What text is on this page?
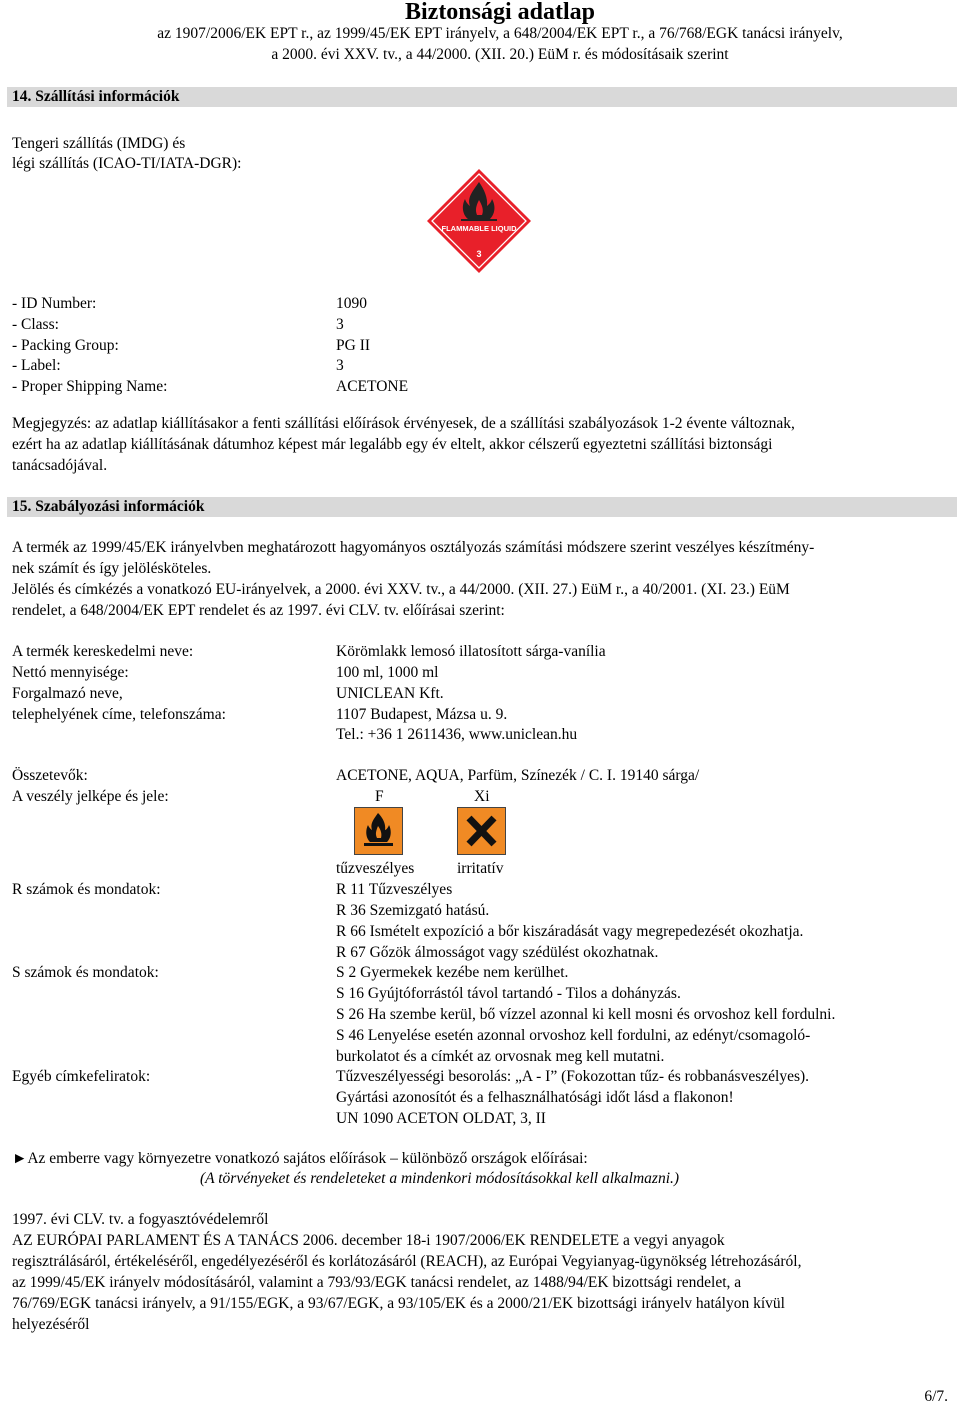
Biztonsági adatlap
az 1907/2006/EK EPT r., az 1999/45/EK EPT irányelv, a 648/2004/EK EPT r., a 76/768/EGK tanácsi irányelv,
a 2000. évi XXV. tv., a 44/2000. (XII. 20.) EüM r. és módosításaik szerint
14. Szállítási információk
Tengeri szállítás (IMDG) és
légi szállítás (ICAO-TI/IATA-DGR):
FLAMMABLE LIQUID
3
- ID Number:	1090
- Class:	3
- Packing Group:	PG II
- Label:	3
- Proper Shipping Name:	ACETONE

Megjegyzés: az adatlap kiállításakor a fenti szállítási előírások érvényesek, de a szállítási szabályozások 1-2 évente változnak,

ezért ha az adatlap kiállításának dátumhoz képest már legalább egy év eltelt, akkor célszerű egyeztetni szállítási biztonsági

tanácsadójával.

15. Szabályozási információk

A termék az 1999/45/EK irányelvben meghatározott hagyományos osztályozás számítási módszere szerint veszélyes készítmény-

nek számít és így jelölésköteles.

Jelölés és címkézés a vonatkozó EU-irányelvek, a 2000. évi XXV. tv., a 44/2000. (XII. 27.) EüM r., a 40/2001. (XI. 23.) EüM

rendelet, a 648/2004/EK EPT rendelet és az 1997. évi CLV. tv. előírásai szerint:

A termék kereskedelmi neve:	Körömlakk lemosó illatosított sárga-vanília
Nettó mennyisége:	100 ml, 1000 ml
Forgalmazó neve,	UNICLEAN Kft.
telephelyének címe, telefonszáma:	1107 Budapest, Mázsa u. 9.
Tel.: +36 1 2611436, www.uniclean.hu
Összetevők:	ACETONE, AQUA, Parfüm, Színezék / C. I. 19140 sárga/
A veszély jelképe és jele:	F	Xi
tűzveszélyes	irritatív
R számok és mondatok:	R 11 Tűzveszélyes
R 36 Szemizgató hatású.
R 66 Ismételt expozíció a bőr kiszáradását vagy megrepedezését okozhatja.
R 67 Gőzök álmosságot vagy szédülést okozhatnak.
S számok és mondatok:	S 2 Gyermekek kezébe nem kerülhet.
S 16 Gyújtóforrástól távol tartandó - Tilos a dohányzás.
S 26 Ha szembe kerül, bő vízzel azonnal ki kell mosni és orvoshoz kell fordulni.
S 46 Lenyelése esetén azonnal orvoshoz kell fordulni, az edényt/csomagoló-
burkolatot és a címkét az orvosnak meg kell mutatni.
Egyéb címkefeliratok:	Tűzveszélyességi besorolás: „A - I” (Fokozottan tűz- és robbanásveszélyes).
Gyártási azonosítót és a felhasználhatósági időt lásd a flakonon!
UN 1090 ACETON OLDAT, 3, II
►Az emberre vagy környezetre vonatkozó sajátos előírások – különböző országok előírásai:
(A törvényeket és rendeleteket a mindenkori módosításokkal kell alkalmazni.)

1997. évi CLV. tv. a fogyasztóvédelemről

AZ EURÓPAI PARLAMENT ÉS A TANÁCS 2006. december 18-i 1907/2006/EK RENDELETE a vegyi anyagok

regisztrálásáról, értékeléséről, engedélyezéséről és korlátozásáról (REACH), az Európai Vegyianyag-ügynökség létrehozásáról,

az 1999/45/EK irányelv módosításáról, valamint a 793/93/EGK tanácsi rendelet, az 1488/94/EK bizottsági rendelet, a

76/769/EGK tanácsi irányelv, a 91/155/EGK, a 93/67/EGK, a 93/105/EK és a 2000/21/EK bizottsági irányelv hatályon kívül

helyezéséről

6/7.
